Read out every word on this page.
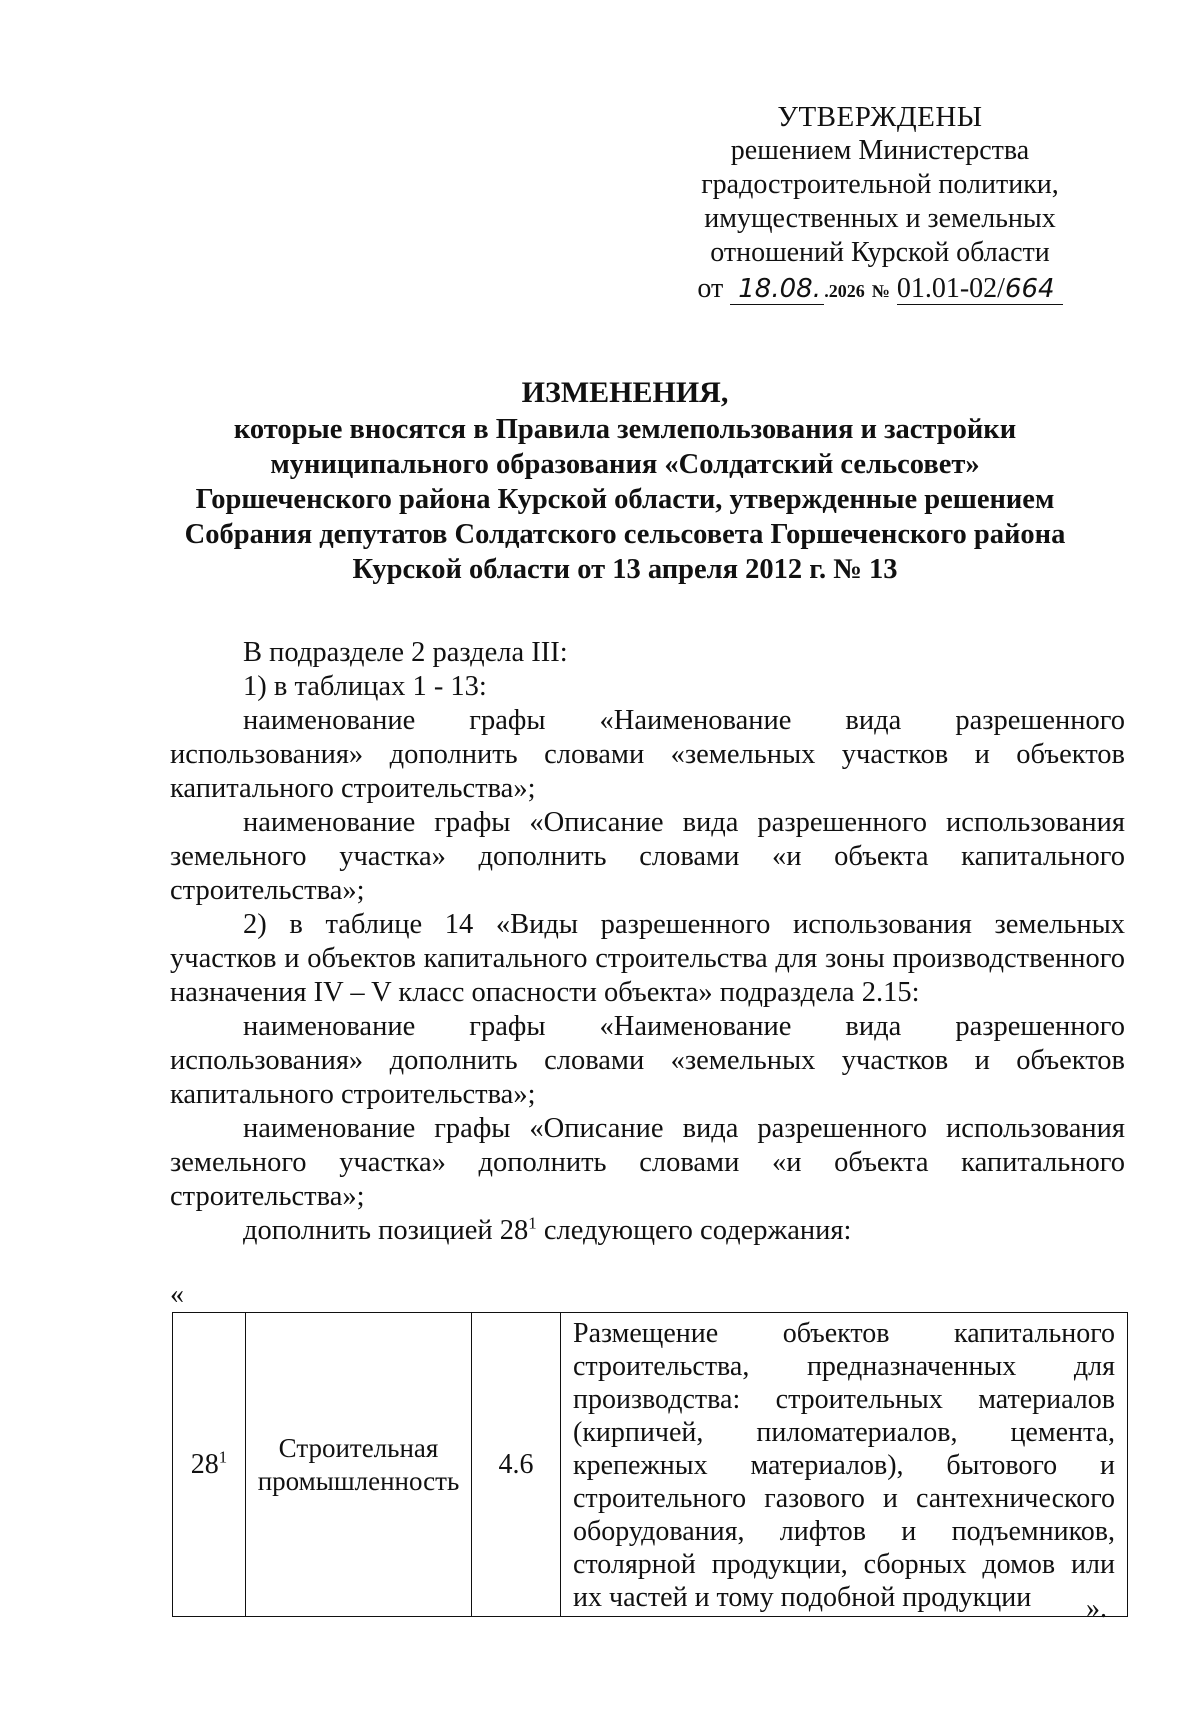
УТВЕРЖДЕНЫ
решением Министерства
градостроительной политики,
имущественных и земельных
отношений Курской области
от 18.08. .2026 № 01.01-02/664
ИЗМЕНЕНИЯ,
которые вносятся в Правила землепользования и застройки
муниципального образования «Солдатский сельсовет»
Горшеченского района Курской области, утвержденные решением
Собрания депутатов Солдатского сельсовета Горшеченского района
Курской области от 13 апреля 2012 г. № 13

В подразделе 2 раздела III:

1) в таблицах 1 - 13:

наименование графы «Наименование вида разрешенного использования» дополнить словами «земельных участков и объектов капитального строительства»;

наименование графы «Описание вида разрешенного использования земельного участка» дополнить словами «и объекта капитального строительства»;

2) в таблице 14 «Виды разрешенного использования земельных участков и объектов капитального строительства для зоны производственного назначения IV – V класс опасности объекта» подраздела 2.15:

наименование графы «Наименование вида разрешенного использования» дополнить словами «земельных участков и объектов капитального строительства»;

наименование графы «Описание вида разрешенного использования земельного участка» дополнить словами «и объекта капитального строительства»;

дополнить позицией $28^1$ следующего содержания:

«
$28^1$	Строительная промышленность	4.6	Размещение объектов капитального строительства, предназначенных для производства: строительных материалов (кирпичей, пиломатериалов, цемента, крепежных материалов), бытового и строительного газового и сантехнического оборудования, лифтов и подъемников, столярной продукции, сборных домов или их частей и тому подобной продукции ».
